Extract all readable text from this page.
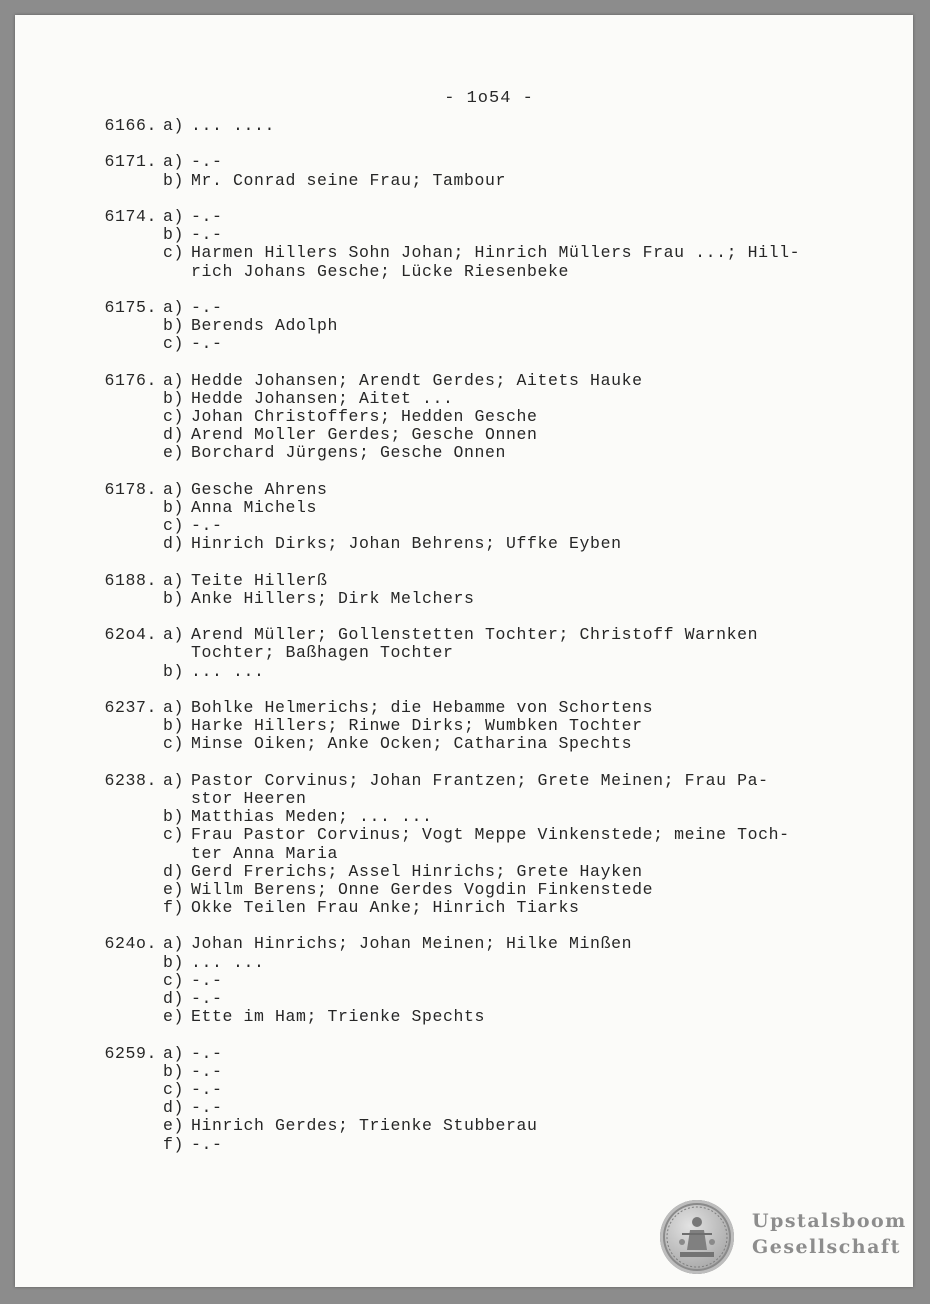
- 1o54 -
6166. a) ... ....
6171. a) -.-
b) Mr. Conrad seine Frau; Tambour
6174. a) -.-
b) -.-
c) Harmen Hillers Sohn Johan; Hinrich Müllers Frau ...; Hill-
rich Johans Gesche; Lücke Riesenbeke
6175. a) -.-
b) Berends Adolph
c) -.-
6176. a) Hedde Johansen; Arendt Gerdes; Aitets Hauke
b) Hedde Johansen; Aitet ...
c) Johan Christoffers; Hedden Gesche
d) Arend Moller Gerdes; Gesche Onnen
e) Borchard Jürgens; Gesche Onnen
6178. a) Gesche Ahrens
b) Anna Michels
c) -.-
d) Hinrich Dirks; Johan Behrens; Uffke Eyben
6188. a) Teite Hillerß
b) Anke Hillers; Dirk Melchers
62o4. a) Arend Müller; Gollenstetten Tochter; Christoff Warnken
Tochter; Baßhagen Tochter
b) ... ...
6237. a) Bohlke Helmerichs; die Hebamme von Schortens
b) Harke Hillers; Rinwe Dirks; Wumbken Tochter
c) Minse Oiken; Anke Ocken; Catharina Spechts
6238. a) Pastor Corvinus; Johan Frantzen; Grete Meinen; Frau Pa-
stor Heeren
b) Matthias Meden; ... ...
c) Frau Pastor Corvinus; Vogt Meppe Vinkenstede; meine Toch-
ter Anna Maria
d) Gerd Frerichs; Assel Hinrichs; Grete Hayken
e) Willm Berens; Onne Gerdes Vogdin Finkenstede
f) Okke Teilen Frau Anke; Hinrich Tiarks
624o. a) Johan Hinrichs; Johan Meinen; Hilke Minßen
b) ... ...
c) -.-
d) -.-
e) Ette im Ham; Trienke Spechts
6259. a) -.-
b) -.-
c) -.-
d) -.-
e) Hinrich Gerdes; Trienke Stubberau
f) -.-
Upstalsboom
Gesellschaft
